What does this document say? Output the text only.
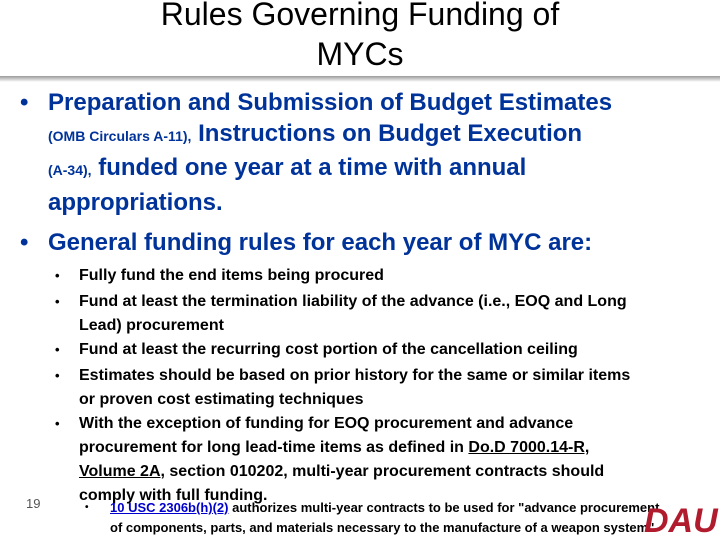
Rules Governing Funding of
MYCs
• Preparation and Submission of Budget Estimates
(OMB Circulars A-11), Instructions on Budget Execution
(A-34), funded one year at a time with annual
appropriations.
• General funding rules for each year of MYC are:
• Fully fund the end items being procured
• Fund at least the termination liability of the advance (i.e., EOQ and Long
Lead) procurement
• Fund at least the recurring cost portion of the cancellation ceiling
• Estimates should be based on prior history for the same or similar items
or proven cost estimating techniques
• With the exception of funding for EOQ procurement and advance
procurement for long lead-time items as defined in Do.D 7000.14-R,
Volume 2A, section 010202, multi-year procurement contracts should
comply with full funding.
• 10 USC 2306b(h)(2) authorizes multi-year contracts to be used for "advance procurement
of components, parts, and materials necessary to the manufacture of a weapon system"
19	DAU
